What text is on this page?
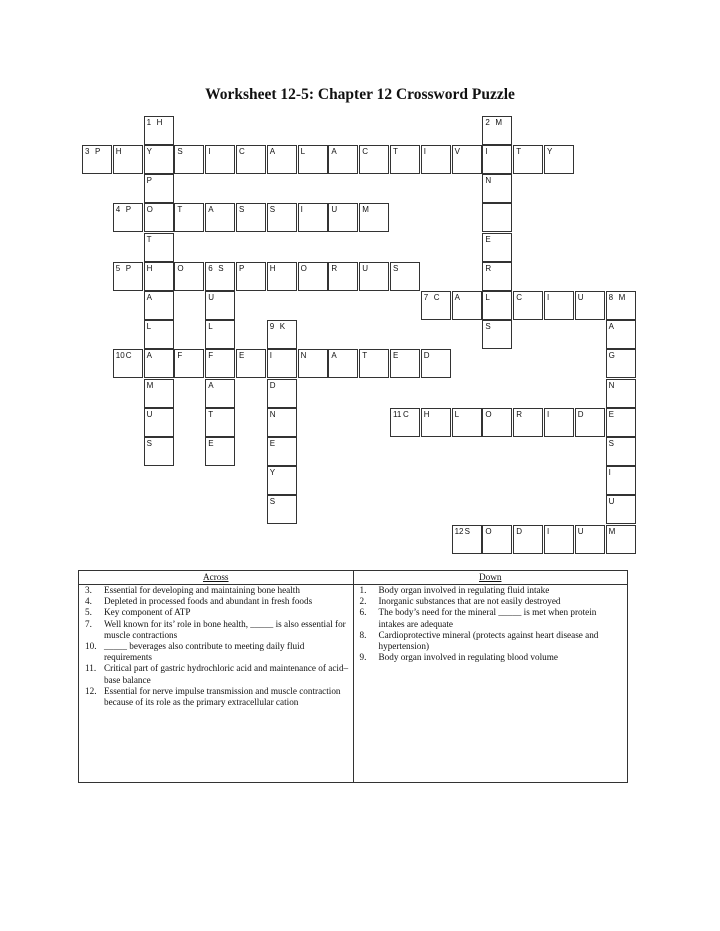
Worksheet 12-5: Chapter 12 Crossword Puzzle
1 H	2 M
3 P H	Y	S	I	C	A	L	A	C	T	I	V	I	T	Y
4 P O	T	A	S	S	I	U	M
5 P H	O	6 S P	H	O	R	U	S
7 C A	L	C	I	U	8 M
A
G
N
E
S
I
U
M
9 K
I
D
N
E
Y
S
10 C A	F	F	E	N	A	T	E	D
11 C H	L	O	R	I	D
12 S O	D	I	U
P
T
A
L
M
U
S
N
E
R
S
U
L
A
T
E
Across
3.	Essential for developing and maintaining bone health
4.	Depleted in processed foods and abundant in fresh foods
5.	Key component of ATP
7.	Well known for its’ role in bone health, _____ is also essential for muscle contractions
10. _____ beverages also contribute to meeting daily fluid requirements
11. Critical part of gastric hydrochloric acid and maintenance of acid–base balance
12. Essential for nerve impulse transmission and muscle contraction because of its role as the primary extracellular cation
Down
1.	Body organ involved in regulating fluid intake
2.	Inorganic substances that are not easily destroyed
6.	The body’s need for the mineral _____ is met when protein intakes are adequate
8.	Cardioprotective mineral (protects against heart disease and hypertension)
9.	Body organ involved in regulating blood volume
